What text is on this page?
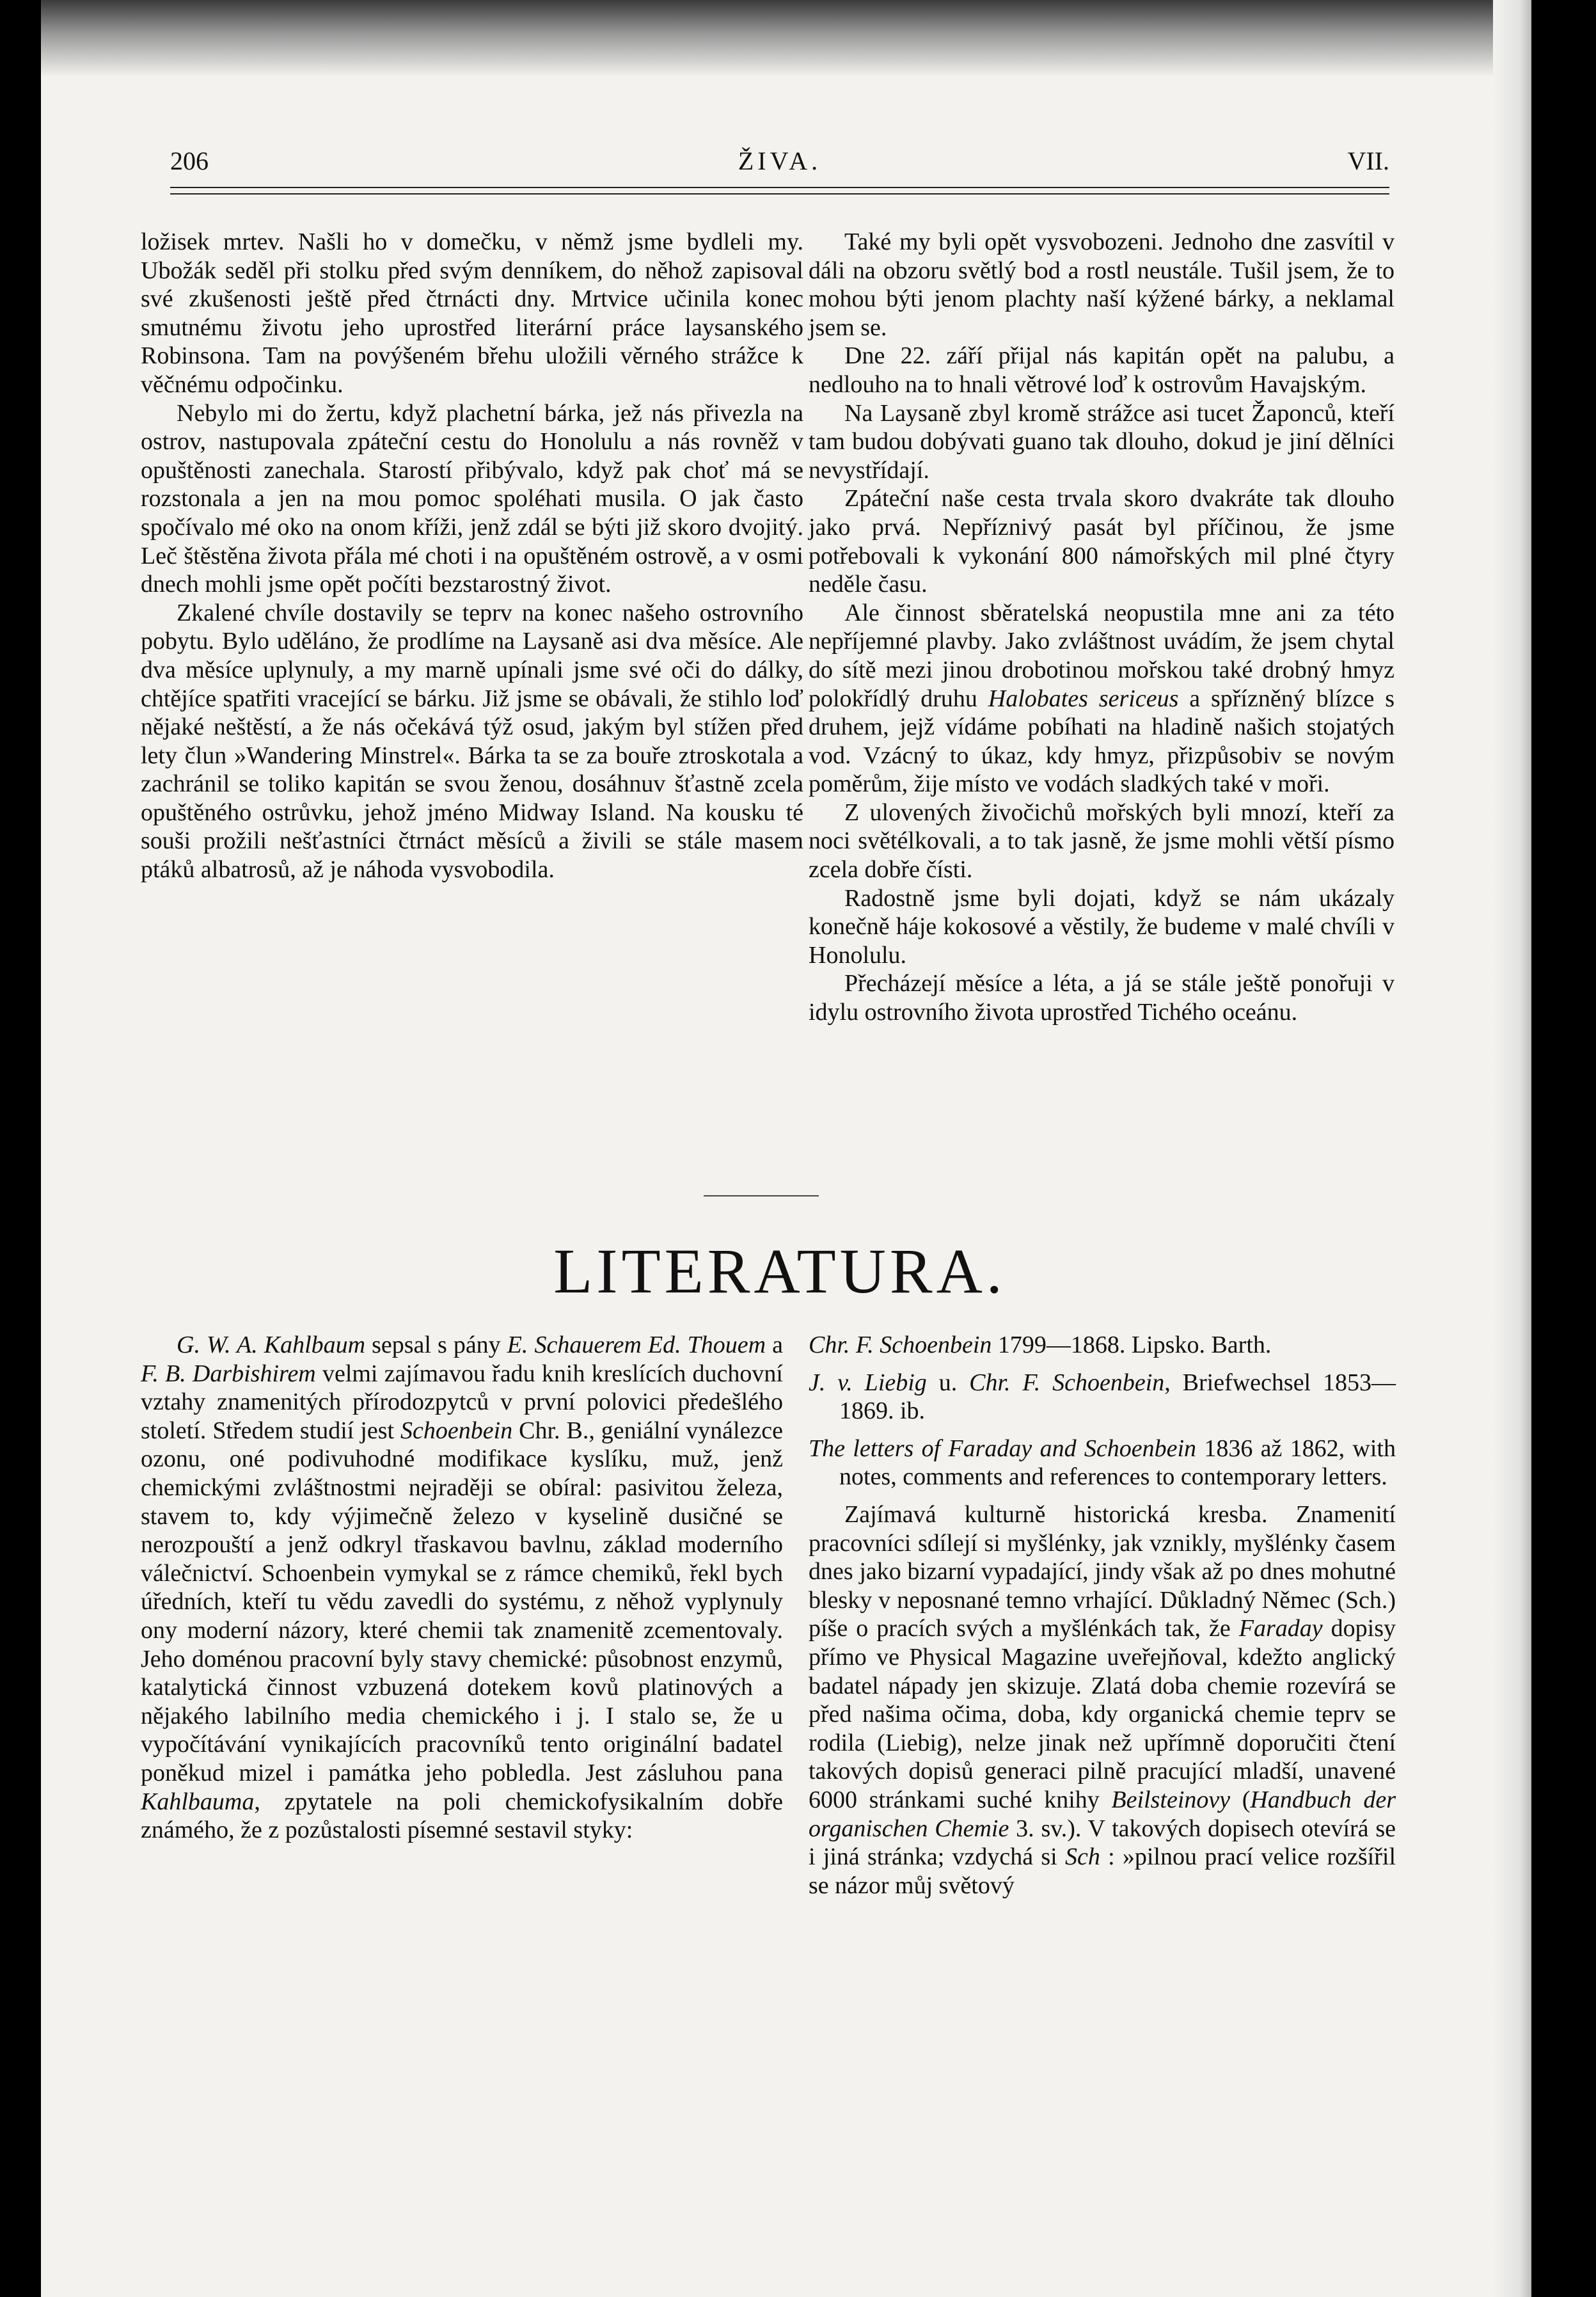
206	ŽIVA.	VII.

ložisek mrtev. Našli ho v domečku, v němž jsme bydleli my. Ubožák seděl při stolku před svým denníkem, do něhož zapisoval své zkušenosti ještě před čtrnácti dny. Mrtvice učinila konec smutnému životu jeho uprostřed literární práce laysanského Robinsona. Tam na povýšeném břehu uložili věrného strážce k věčnému odpočinku.

Nebylo mi do žertu, když plachetní bárka, jež nás přivezla na ostrov, nastupovala zpáteční cestu do Honolulu a nás rovněž v opuštěnosti zanechala. Starostí přibývalo, když pak choť má se rozstonala a jen na mou pomoc spoléhati musila. O jak často spočívalo mé oko na onom kříži, jenž zdál se býti již skoro dvojitý. Leč štěstěna života přála mé choti i na opuštěném ostrově, a v osmi dnech mohli jsme opět počíti bezstarostný život.

Zkalené chvíle dostavily se teprv na konec našeho ostrovního pobytu. Bylo uděláno, že prodlíme na Laysaně asi dva měsíce. Ale dva měsíce uplynuly, a my marně upínali jsme své oči do dálky, chtějíce spatřiti vracející se bárku. Již jsme se obávali, že stihlo loď nějaké neštěstí, a že nás očekává týž osud, jakým byl stížen před lety člun »Wandering Minstrel«. Bárka ta se za bouře ztroskotala a zachránil se toliko kapitán se svou ženou, dosáhnuv šťastně zcela opuštěného ostrůvku, jehož jméno Midway Island. Na kousku té souši prožili nešťastníci čtrnáct měsíců a živili se stále masem ptáků albatrosů, až je náhoda vysvobodila.

Také my byli opět vysvobozeni. Jednoho dne zasvítil v dáli na obzoru světlý bod a rostl neustále. Tušil jsem, že to mohou býti jenom plachty naší kýžené bárky, a neklamal jsem se.

Dne 22. září přijal nás kapitán opět na palubu, a nedlouho na to hnali větrové loď k ostrovům Havajským.

Na Laysaně zbyl kromě strážce asi tucet Žaponců, kteří tam budou dobývati guano tak dlouho, dokud je jiní dělníci nevystřídají.

Zpáteční naše cesta trvala skoro dvakráte tak dlouho jako prvá. Nepříznivý pasát byl příčinou, že jsme potřebovali k vykonání 800 námořských mil plné čtyry neděle času.

Ale činnost sběratelská neopustila mne ani za této nepříjemné plavby. Jako zvláštnost uvádím, že jsem chytal do sítě mezi jinou drobotinou mořskou také drobný hmyz polokřídlý druhu Halobates sericeus a spřízněný blízce s druhem, jejž vídáme pobíhati na hladině našich stojatých vod. Vzácný to úkaz, kdy hmyz, přizpůsobiv se novým poměrům, žije místo ve vodách sladkých také v moři.

Z ulovených živočichů mořských byli mnozí, kteří za noci světélkovali, a to tak jasně, že jsme mohli větší písmo zcela dobře čísti.

Radostně jsme byli dojati, když se nám ukázaly konečně háje kokosové a věstily, že budeme v malé chvíli v Honolulu.

Přecházejí měsíce a léta, a já se stále ještě ponořuji v idylu ostrovního života uprostřed Tichého oceánu.

LITERATURA.

G. W. A. Kahlbaum sepsal s pány E. Schauerem Ed. Thouem a F. B. Darbishirem velmi zajímavou řadu knih kreslících duchovní vztahy znamenitých přírodozpytců v první polovici předešlého století. Středem studií jest Schoenbein Chr. B., geniální vynálezce ozonu, oné podivuhodné modifikace kyslíku, muž, jenž chemickými zvláštnostmi nejraději se obíral: pasivitou železa, stavem to, kdy výjimečně železo v kyselině dusičné se nerozpouští a jenž odkryl třaskavou bavlnu, základ moderního válečnictví. Schoenbein vymykal se z rámce chemiků, řekl bych úředních, kteří tu vědu zavedli do systému, z něhož vyplynuly ony moderní názory, které chemii tak znamenitě zcementovaly. Jeho doménou pracovní byly stavy chemické: působnost enzymů, katalytická činnost vzbuzená dotekem kovů platinových a nějakého labilního media chemického i j. I stalo se, že u vypočítávání vynikajících pracovníků tento originální badatel poněkud mizel i památka jeho pobledla. Jest zásluhou pana Kahlbauma, zpytatele na poli chemickofysikalním dobře známého, že z pozůstalosti písemné sestavil styky:

Chr. F. Schoenbein 1799—1868. Lipsko. Barth.

J. v. Liebig u. Chr. F. Schoenbein, Briefwechsel 1853—1869. ib.

The letters of Faraday and Schoenbein 1836 až 1862, with notes, comments and references to contemporary letters.

Zajímavá kulturně historická kresba. Znamenití pracovníci sdílejí si myšlénky, jak vznikly, myšlénky časem dnes jako bizarní vypadající, jindy však až po dnes mohutné blesky v neposnané temno vrhající. Důkladný Němec (Sch.) píše o pracích svých a myšlénkách tak, že Faraday dopisy přímo ve Physical Magazine uveřejňoval, kdežto anglický badatel nápady jen skizuje. Zlatá doba chemie rozevírá se před našima očima, doba, kdy organická chemie teprv se rodila (Liebig), nelze jinak než upřímně doporučiti čtení takových dopisů generaci pilně pracující mladší, unavené 6000 stránkami suché knihy Beilsteinovy (Handbuch der organischen Chemie 3. sv.). V takových dopisech otevírá se i jiná stránka; vzdychá si Sch : »pilnou prací velice rozšířil se názor můj světový
